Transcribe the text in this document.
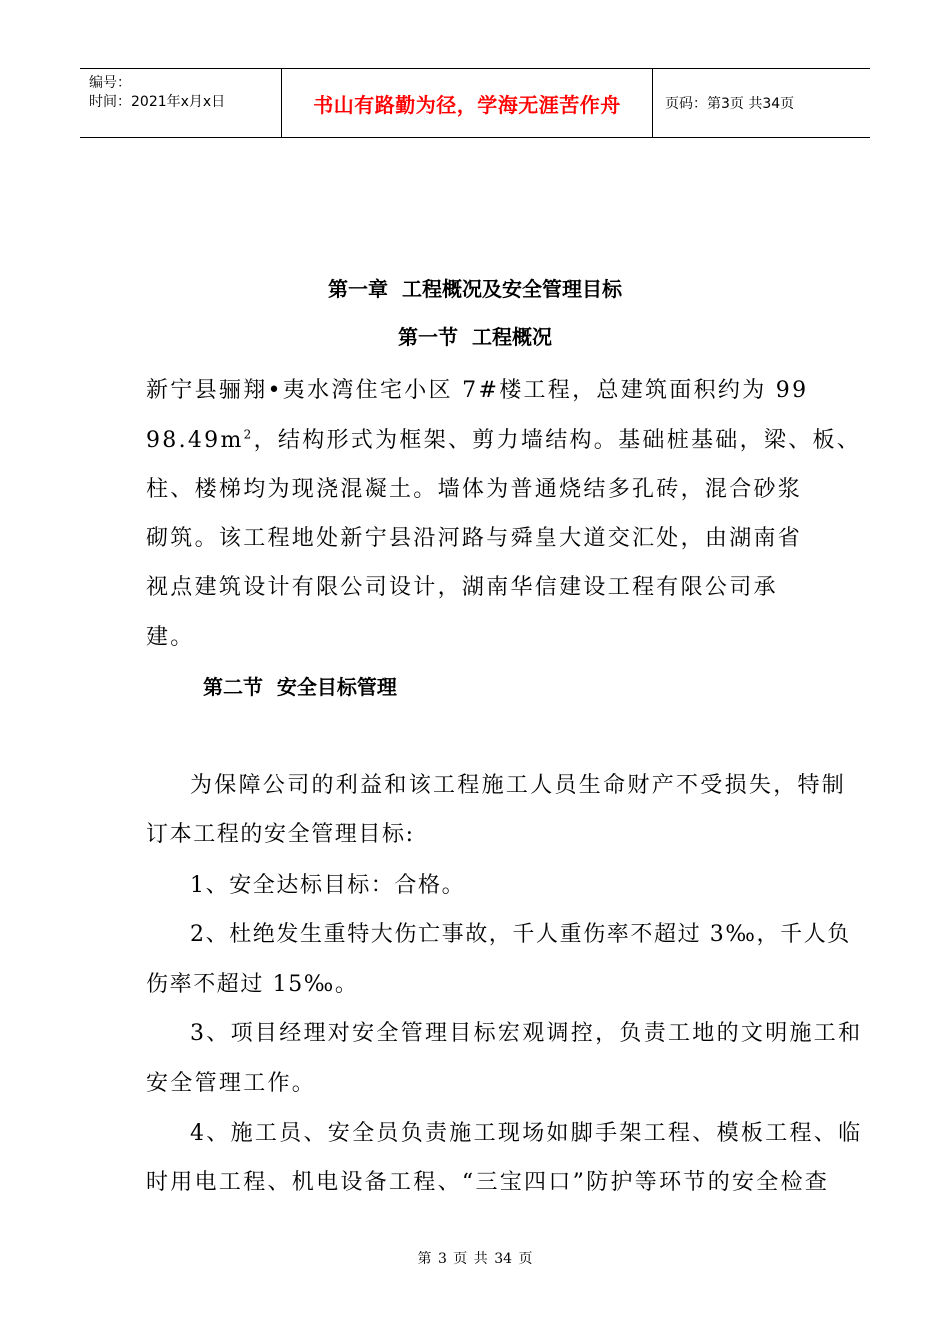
编号：
时间：2021年x月x日	书山有路勤为径，学海无涯苦作舟	页码：第3页 共34页
第一章  工程概况及安全管理目标
第一节  工程概况
新宁县骊翔•夷水湾住宅小区 7#楼工程，总建筑面积约为 99
$98.49m^2$，结构形式为框架、剪力墙结构。基础桩基础，梁、板、
柱、楼梯均为现浇混凝土。墙体为普通烧结多孔砖，混合砂浆
砌筑。该工程地处新宁县沿河路与舜皇大道交汇处，由湖南省
视点建筑设计有限公司设计，湖南华信建设工程有限公司承
建。
第二节  安全目标管理
为保障公司的利益和该工程施工人员生命财产不受损失，特制
订本工程的安全管理目标:
1、安全达标目标：合格。
2、杜绝发生重特大伤亡事故，千人重伤率不超过 3‰，千人负
伤率不超过 15‰。
3、项目经理对安全管理目标宏观调控，负责工地的文明施工和
安全管理工作。
4、施工员、安全员负责施工现场如脚手架工程、模板工程、临
时用电工程、机电设备工程、“三宝四口”防护等环节的安全检查
第 3 页 共 34 页
